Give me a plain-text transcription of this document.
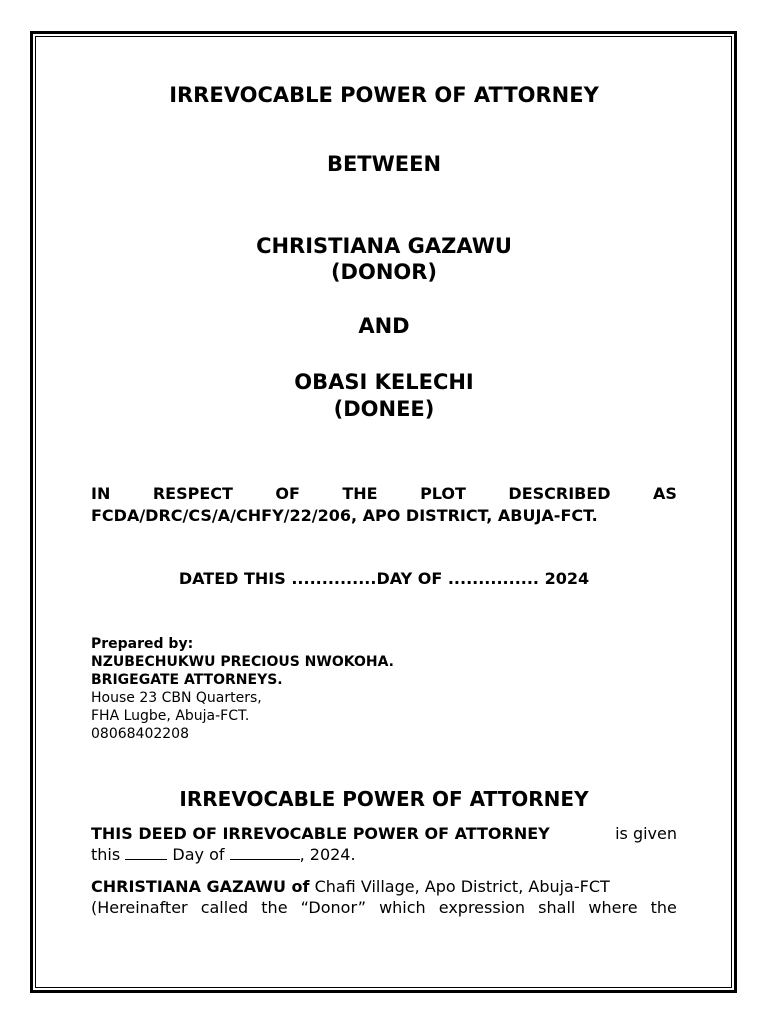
IRREVOCABLE POWER OF ATTORNEY
BETWEEN
CHRISTIANA GAZAWU
(DONOR)
AND
OBASI KELECHI
(DONEE)
IN	RESPECT	OF	THE	PLOT	DESCRIBED	AS
FCDA/DRC/CS/A/CHFY/22/206, APO DISTRICT, ABUJA-FCT.
DATED THIS ..............DAY OF ............... 2024
Prepared by:
NZUBECHUKWU PRECIOUS NWOKOHA.
BRIGEGATE ATTORNEYS.
House 23 CBN Quarters,
FHA Lugbe, Abuja-FCT.
08068402208
IRREVOCABLE POWER OF ATTORNEY
THIS DEED OF IRREVOCABLE POWER OF ATTORNEY	is given
this	Day of	, 2024.
CHRISTIANA GAZAWU of Chafi Village, Apo District, Abuja-FCT
(Hereinafter called the “Donor” which expression shall where the
